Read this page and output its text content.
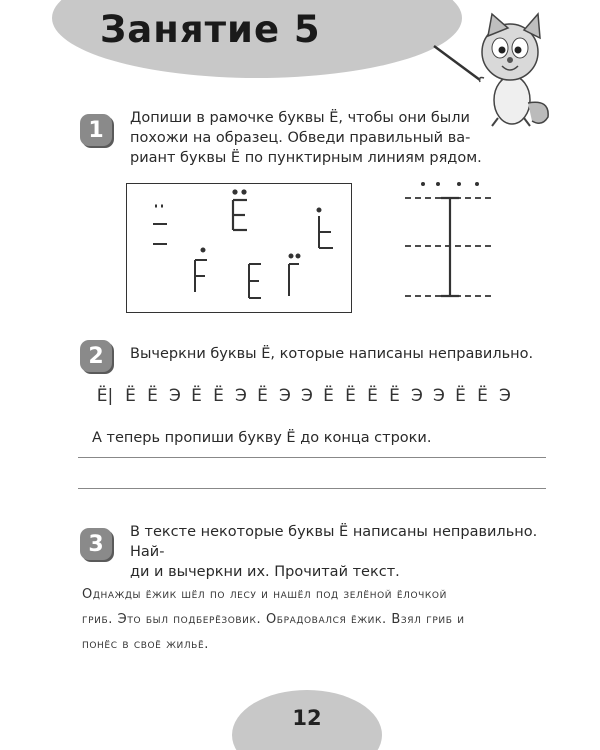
Занятие 5
1	Допиши в рамочке буквы Ё, чтобы они были
похожи на образец. Обведи правильный ва-
риант буквы Ё по пунктирным линиям рядом.
2	Вычеркни буквы Ё, которые написаны неправильно.
Ё| Ё Ё Э Ё Ё Э Ё Э Э Ё Ё Ё Ё Э Э Ё Ё Э
А теперь пропиши букву Ё до конца строки.
3	В тексте некоторые буквы Ё написаны неправильно. Най-
ди и вычеркни их. Прочитай текст.
Однажды ёжик шёл по лесу и нашёл под зелёной ёлочкой
гриб. Это был подберёзовик. Обрадовался ёжик. Взял гриб и
понёс в своё жильё.
12
